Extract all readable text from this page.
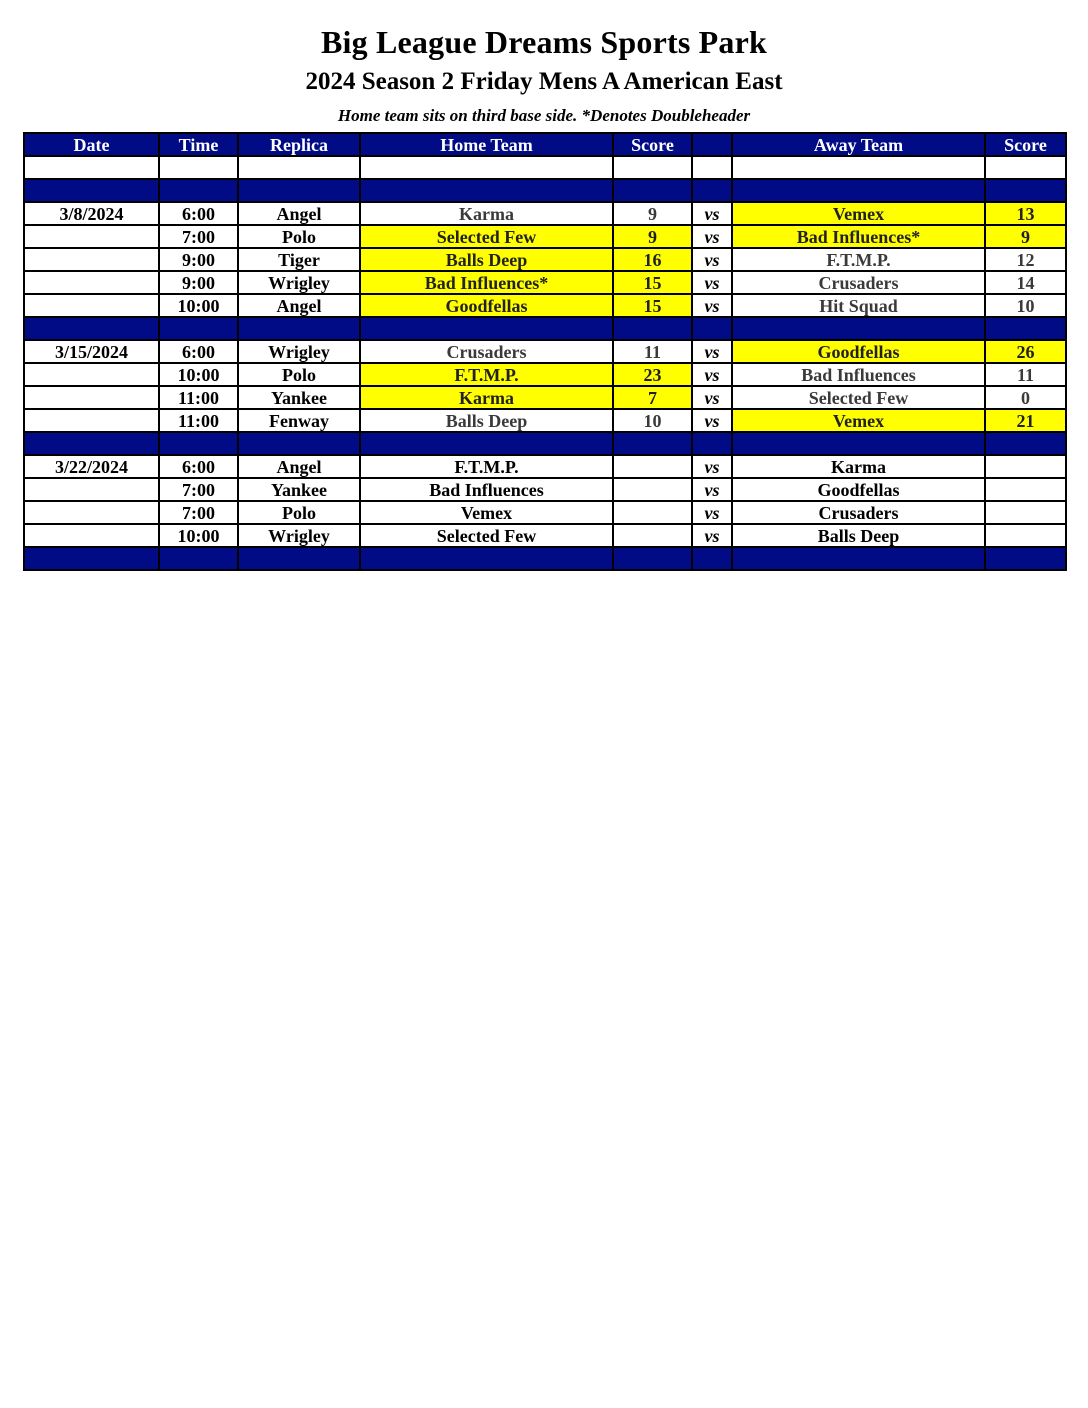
Big League Dreams Sports Park
2024 Season 2 Friday Mens A American East
Home team sits on third base side. *Denotes Doubleheader
Date	Time	Replica	Home Team	Score		Away Team	Score

3/8/2024	6:00	Angel	Karma	9	vs	Vemex	13
	7:00	Polo	Selected Few	9	vs	Bad Influences*	9
	9:00	Tiger	Balls Deep	16	vs	F.T.M.P.	12
	9:00	Wrigley	Bad Influences*	15	vs	Crusaders	14
	10:00	Angel	Goodfellas	15	vs	Hit Squad	10

3/15/2024	6:00	Wrigley	Crusaders	11	vs	Goodfellas	26
	10:00	Polo	F.T.M.P.	23	vs	Bad Influences	11
	11:00	Yankee	Karma	7	vs	Selected Few	0
	11:00	Fenway	Balls Deep	10	vs	Vemex	21

3/22/2024	6:00	Angel	F.T.M.P.		vs	Karma	
	7:00	Yankee	Bad Influences		vs	Goodfellas	
	7:00	Polo	Vemex		vs	Crusaders	
	10:00	Wrigley	Selected Few		vs	Balls Deep	
